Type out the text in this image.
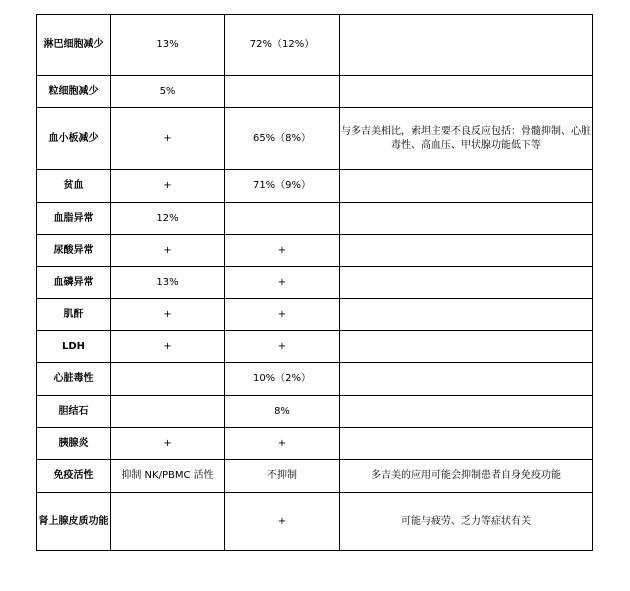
淋巴细胞减少	13%	72%（12%）	
粒细胞减少	5%		
血小板减少	+	65%（8%）	与多吉美相比，索坦主要不良反应包括：骨髓抑制、心脏毒性、高血压、甲状腺功能低下等
贫血	+	71%（9%）	
血脂异常	12%		
尿酸异常	+	+	
血磷异常	13%	+	
肌酐	+	+	
LDH	+	+	
心脏毒性		10%（2%）	
胆结石		8%	
胰腺炎	+	+	
免疫活性	抑制 NK/PBMC 活性	不抑制	多吉美的应用可能会抑制患者自身免疫功能
肾上腺皮质功能		+	可能与疲劳、乏力等症状有关
